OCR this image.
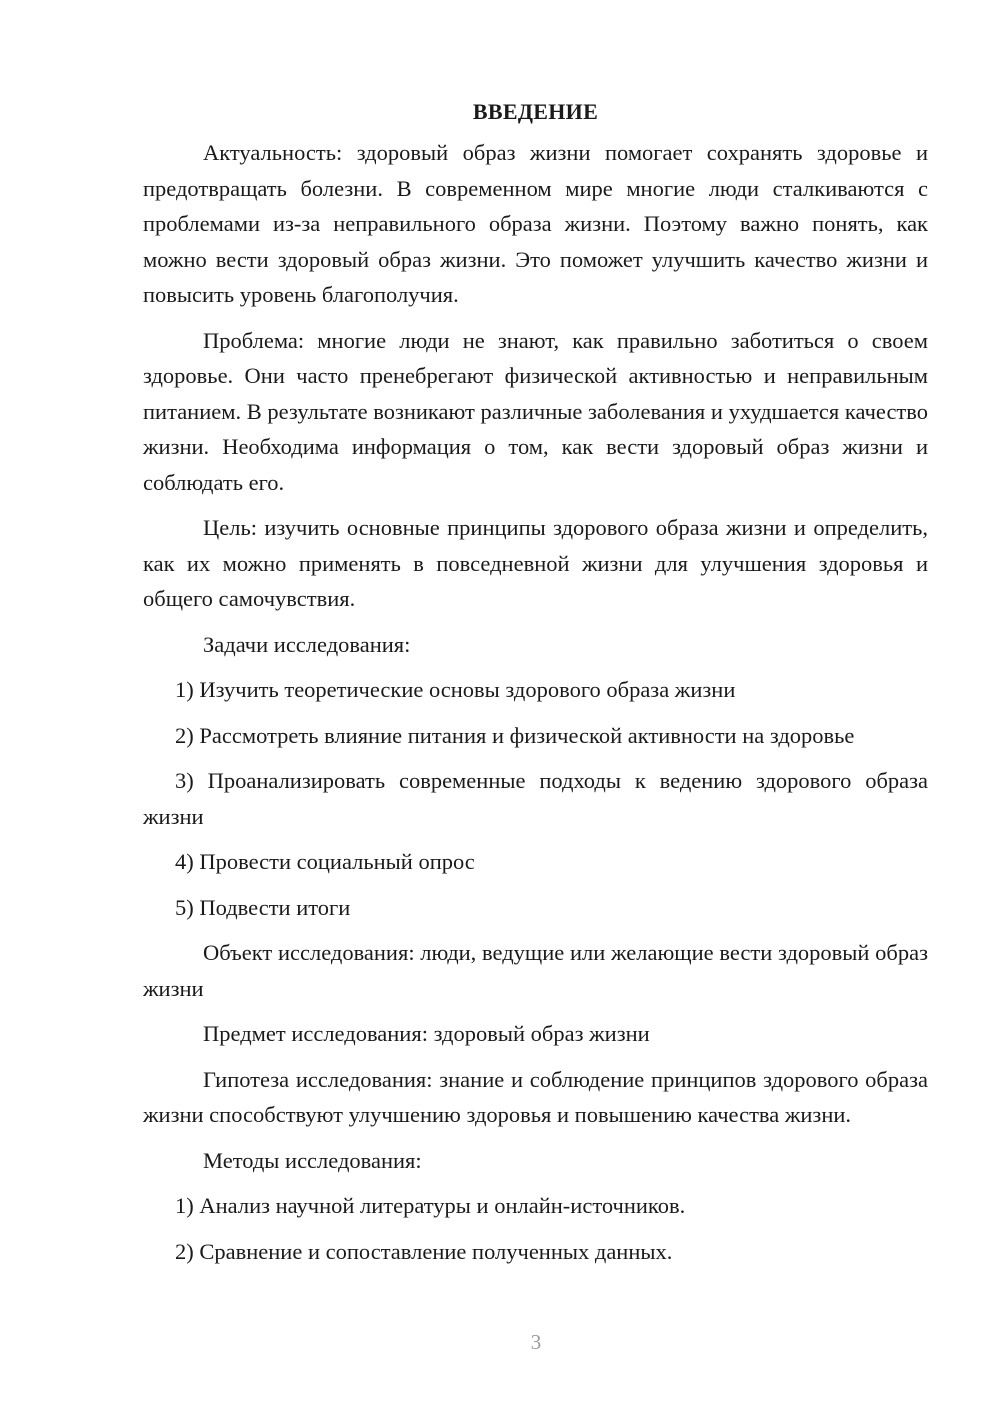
ВВЕДЕНИЕ

Актуальность: здоровый образ жизни помогает сохранять здоровье и предотвращать болезни. В современном мире многие люди сталкиваются с проблемами из-за неправильного образа жизни. Поэтому важно понять, как можно вести здоровый образ жизни. Это поможет улучшить качество жизни и повысить уровень благополучия.

Проблема: многие люди не знают, как правильно заботиться о своем здоровье. Они часто пренебрегают физической активностью и неправильным питанием. В результате возникают различные заболевания и ухудшается качество жизни. Необходима информация о том, как вести здоровый образ жизни и соблюдать его.

Цель: изучить основные принципы здорового образа жизни и определить, как их можно применять в повседневной жизни для улучшения здоровья и общего самочувствия.

Задачи исследования:

1) Изучить теоретические основы здорового образа жизни

2) Рассмотреть влияние питания и физической активности на здоровье

3) Проанализировать современные подходы к ведению здорового образа жизни

4) Провести социальный опрос

5) Подвести итоги

Объект исследования: люди, ведущие или желающие вести здоровый образ жизни

Предмет исследования: здоровый образ жизни

Гипотеза исследования: знание и соблюдение принципов здорового образа жизни способствуют улучшению здоровья и повышению качества жизни.

Методы исследования:

1) Анализ научной литературы и онлайн-источников.

2) Сравнение и сопоставление полученных данных.

3
